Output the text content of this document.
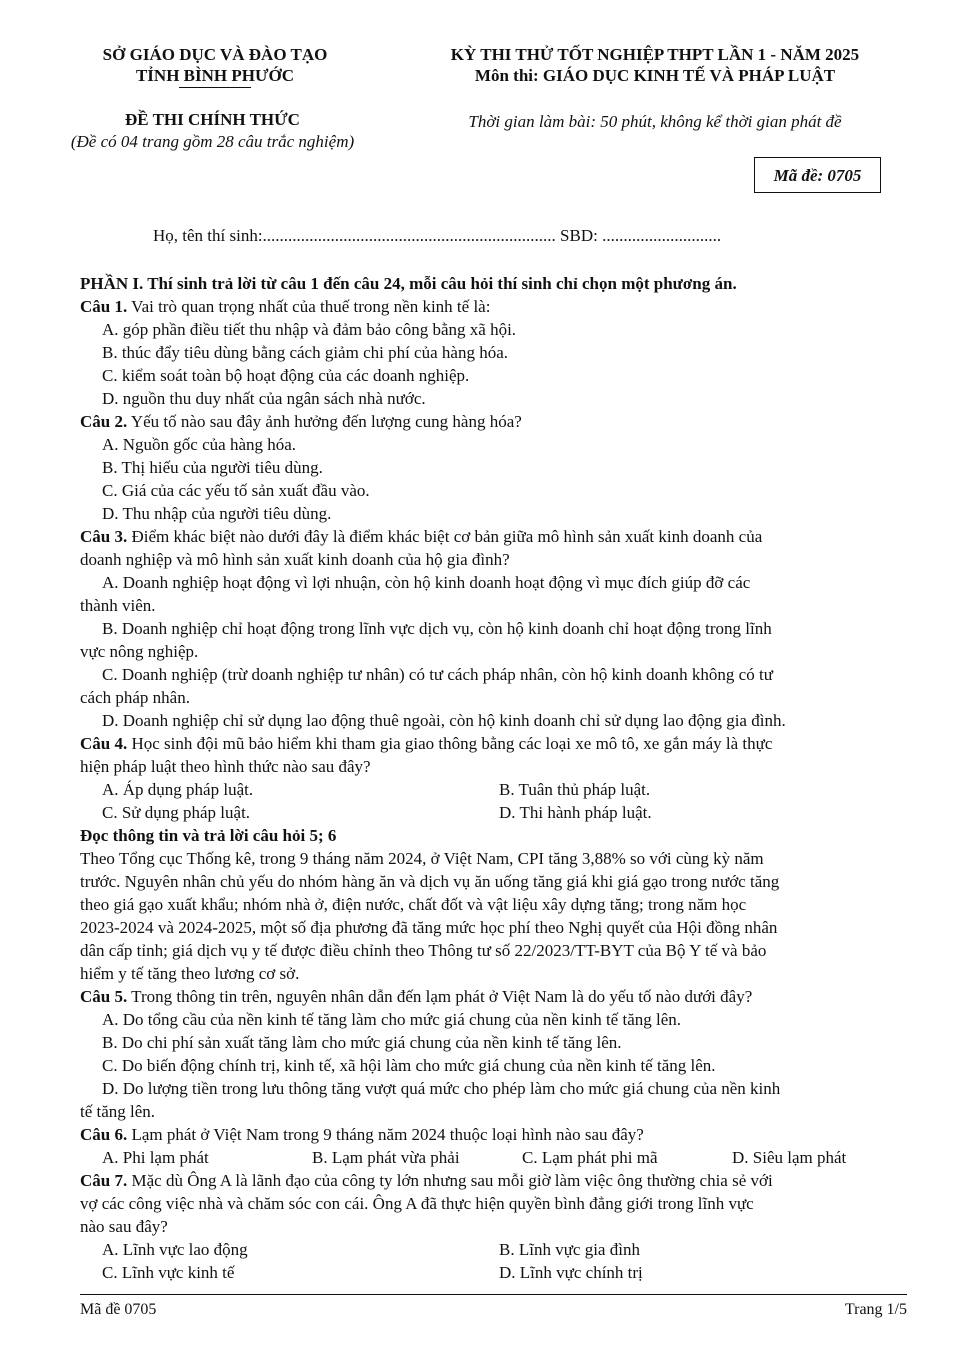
SỞ GIÁO DỤC VÀ ĐÀO TẠO
TỈNH BÌNH PHƯỚC
KỲ THI THỬ TỐT NGHIỆP THPT LẦN 1 - NĂM 2025
Môn thi: GIÁO DỤC KINH TẾ VÀ PHÁP LUẬT
ĐỀ THI CHÍNH THỨC
(Đề có 04 trang gồm 28 câu trắc nghiệm)
Thời gian làm bài: 50 phút, không kể thời gian phát đề
Mã đề: 0705
Họ, tên thí sinh:..................................................................... SBD: ............................
PHẦN I. Thí sinh trả lời từ câu 1 đến câu 24, mỗi câu hỏi thí sinh chỉ chọn một phương án.
Câu 1. Vai trò quan trọng nhất của thuế trong nền kinh tế là:
A. góp phần điều tiết thu nhập và đảm bảo công bằng xã hội.
B. thúc đẩy tiêu dùng bằng cách giảm chi phí của hàng hóa.
C. kiểm soát toàn bộ hoạt động của các doanh nghiệp.
D. nguồn thu duy nhất của ngân sách nhà nước.
Câu 2. Yếu tố nào sau đây ảnh hưởng đến lượng cung hàng hóa?
A. Nguồn gốc của hàng hóa.
B. Thị hiếu của người tiêu dùng.
C. Giá của các yếu tố sản xuất đầu vào.
D. Thu nhập của người tiêu dùng.
Câu 3. Điểm khác biệt nào dưới đây là điểm khác biệt cơ bản giữa mô hình sản xuất kinh doanh của
doanh nghiệp và mô hình sản xuất kinh doanh của hộ gia đình?
A. Doanh nghiệp hoạt động vì lợi nhuận, còn hộ kinh doanh hoạt động vì mục đích giúp đỡ các
thành viên.
B. Doanh nghiệp chỉ hoạt động trong lĩnh vực dịch vụ, còn hộ kinh doanh chỉ hoạt động trong lĩnh
vực nông nghiệp.
C. Doanh nghiệp (trừ doanh nghiệp tư nhân) có tư cách pháp nhân, còn hộ kinh doanh không có tư
cách pháp nhân.
D. Doanh nghiệp chỉ sử dụng lao động thuê ngoài, còn hộ kinh doanh chỉ sử dụng lao động gia đình.
Câu 4. Học sinh đội mũ bảo hiểm khi tham gia giao thông bằng các loại xe mô tô, xe gắn máy là thực
hiện pháp luật theo hình thức nào sau đây?
A. Áp dụng pháp luật.	B. Tuân thủ pháp luật.
C. Sử dụng pháp luật.	D. Thi hành pháp luật.
Đọc thông tin và trả lời câu hỏi 5; 6
Theo Tổng cục Thống kê, trong 9 tháng năm 2024, ở Việt Nam, CPI tăng 3,88% so với cùng kỳ năm
trước. Nguyên nhân chủ yếu do nhóm hàng ăn và dịch vụ ăn uống tăng giá khi giá gạo trong nước tăng
theo giá gạo xuất khẩu; nhóm nhà ở, điện nước, chất đốt và vật liệu xây dựng tăng; trong năm học
2023-2024 và 2024-2025, một số địa phương đã tăng mức học phí theo Nghị quyết của Hội đồng nhân
dân cấp tỉnh; giá dịch vụ y tế được điều chỉnh theo Thông tư số 22/2023/TT-BYT của Bộ Y tế và bảo
hiểm y tế tăng theo lương cơ sở.
Câu 5. Trong thông tin trên, nguyên nhân dẫn đến lạm phát ở Việt Nam là do yếu tố nào dưới đây?
A. Do tổng cầu của nền kinh tế tăng làm cho mức giá chung của nền kinh tế tăng lên.
B. Do chi phí sản xuất tăng làm cho mức giá chung của nền kinh tế tăng lên.
C. Do biến động chính trị, kinh tế, xã hội làm cho mức giá chung của nền kinh tế tăng lên.
D. Do lượng tiền trong lưu thông tăng vượt quá mức cho phép làm cho mức giá chung của nền kinh
tế tăng lên.
Câu 6. Lạm phát ở Việt Nam trong 9 tháng năm 2024 thuộc loại hình nào sau đây?
A. Phi lạm phát	B. Lạm phát vừa phải	C. Lạm phát phi mã	D. Siêu lạm phát
Câu 7. Mặc dù Ông A là lãnh đạo của công ty lớn nhưng sau mỗi giờ làm việc ông thường chia sẻ với
vợ các công việc nhà và chăm sóc con cái. Ông A đã thực hiện quyền bình đẳng giới trong lĩnh vực
nào sau đây?
A. Lĩnh vực lao động	B. Lĩnh vực gia đình
C. Lĩnh vực kinh tế	D. Lĩnh vực chính trị
Mã đề 0705	Trang 1/5
